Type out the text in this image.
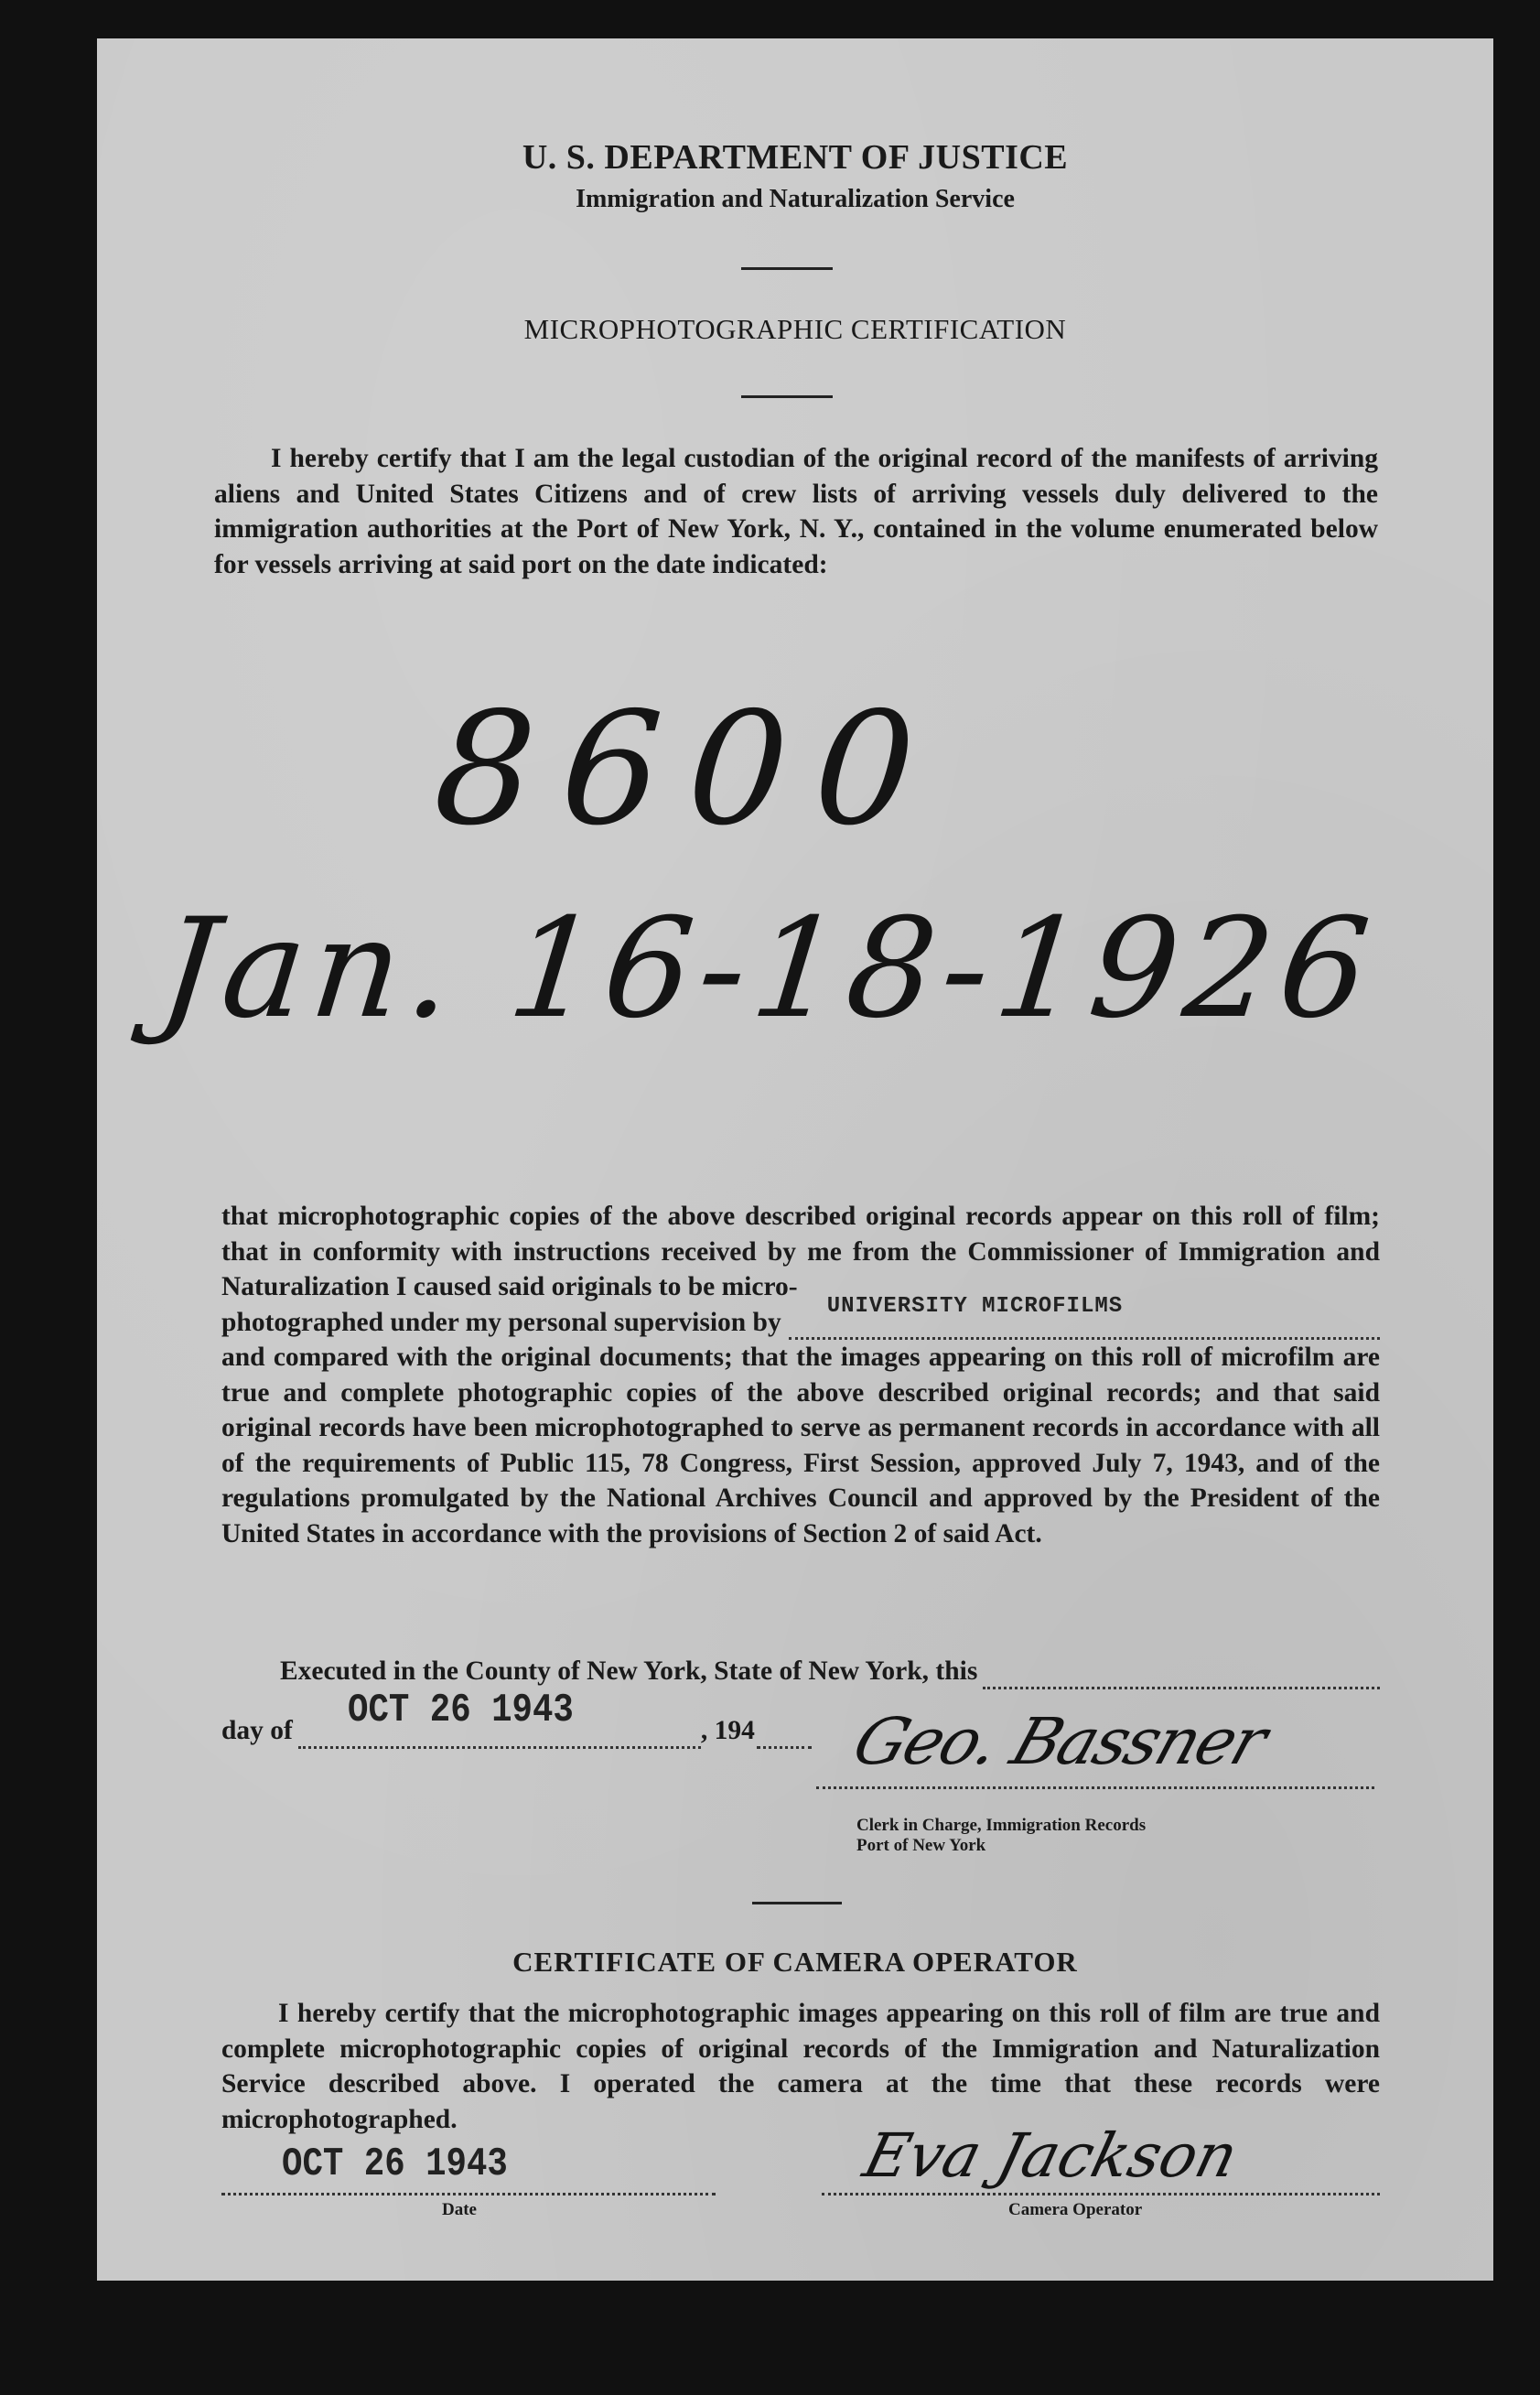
U. S. DEPARTMENT OF JUSTICE
Immigration and Naturalization Service
MICROPHOTOGRAPHIC CERTIFICATION

I hereby certify that I am the legal custodian of the original record of the manifests of arriving aliens and United States Citizens and of crew lists of arriving vessels duly delivered to the immigration authorities at the Port of New York, N. Y., contained in the volume enumerated below for vessels arriving at said port on the date indicated:

8600
Jan. 16-18-1926

that microphotographic copies of the above described original records appear on this roll of film; that in conformity with instructions received by me from the Commissioner of Immigration and Naturalization I caused said originals to be micro-

photographed under my personal supervision by
UNIVERSITY MICROFILMS

and compared with the original documents; that the images appearing on this roll of microfilm are true and complete photographic copies of the above described original records; and that said original records have been microphotographed to serve as permanent records in accordance with all of the requirements of Public 115, 78 Congress, First Session, approved July 7, 1943, and of the regulations promulgated by the National Archives Council and approved by the President of the United States in accordance with the provisions of Section 2 of said Act.

Executed in the County of New York, State of New York, this
day of OCT 26 1943	, 194 Geo. Bassner
Clerk in Charge, Immigration Records
Port of New York
CERTIFICATE OF CAMERA OPERATOR

I hereby certify that the microphotographic images appearing on this roll of film are true and complete microphotographic copies of original records of the Immigration and Naturalization Service described above. I operated the camera at the time that these records were microphotographed.

OCT 26 1943
Date
Eva Jackson
Camera Operator
